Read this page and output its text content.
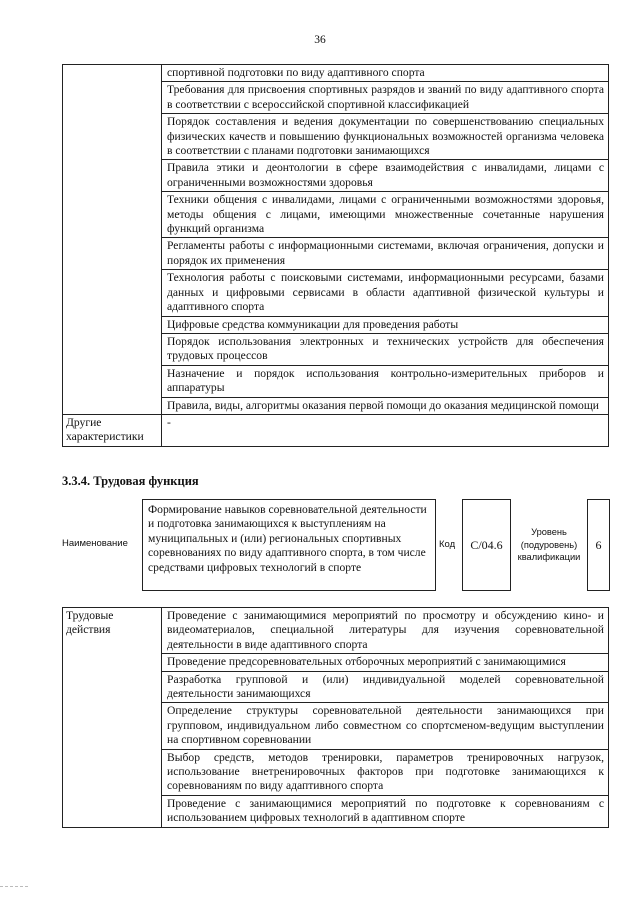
36
	спортивной подготовки по виду адаптивного спорта
	Требования для присвоения спортивных разрядов и званий по виду адаптивного спорта в соответствии с всероссийской спортивной классификацией
	Порядок составления и ведения документации по совершенствованию специальных физических качеств и повышению функциональных возможностей организма человека в соответствии с планами подготовки занимающихся
	Правила этики и деонтологии в сфере взаимодействия с инвалидами, лицами с ограниченными возможностями здоровья
	Техники общения с инвалидами, лицами с ограниченными возможностями здоровья, методы общения с лицами, имеющими множественные сочетанные нарушения функций организма
	Регламенты работы с информационными системами, включая ограничения, допуски и порядок их применения
	Технология работы с поисковыми системами, информационными ресурсами, базами данных и цифровыми сервисами в области адаптивной физической культуры и адаптивного спорта
	Цифровые средства коммуникации для проведения работы
	Порядок использования электронных и технических устройств для обеспечения трудовых процессов
	Назначение и порядок использования контрольно-измерительных приборов и аппаратуры
	Правила, виды, алгоритмы оказания первой помощи до оказания медицинской помощи
Другие характеристики	-
3.3.4. Трудовая функция
Наименование
Формирование навыков соревновательной деятельности и подготовка занимающихся к выступлениям на муниципальных и (или) региональных спортивных соревнованиях по виду адаптивного спорта, в том числе средствами цифровых технологий в спорте
Код C/04.6
Уровень (подуровень) квалификации
6
Трудовые действия	Проведение с занимающимися мероприятий по просмотру и обсуждению кино- и видеоматериалов, специальной литературы для изучения соревновательной деятельности в виде адаптивного спорта
Проведение предсоревновательных отборочных мероприятий с занимающимися
Разработка групповой и (или) индивидуальной моделей соревновательной деятельности занимающихся
Определение структуры соревновательной деятельности занимающихся при групповом, индивидуальном либо совместном со спортсменом-ведущим выступлении на спортивном соревновании
Выбор средств, методов тренировки, параметров тренировочных нагрузок, использование внетренировочных факторов при подготовке занимающихся к соревнованиям по виду адаптивного спорта
Проведение с занимающимися мероприятий по подготовке к соревнованиям с использованием цифровых технологий в адаптивном спорте
